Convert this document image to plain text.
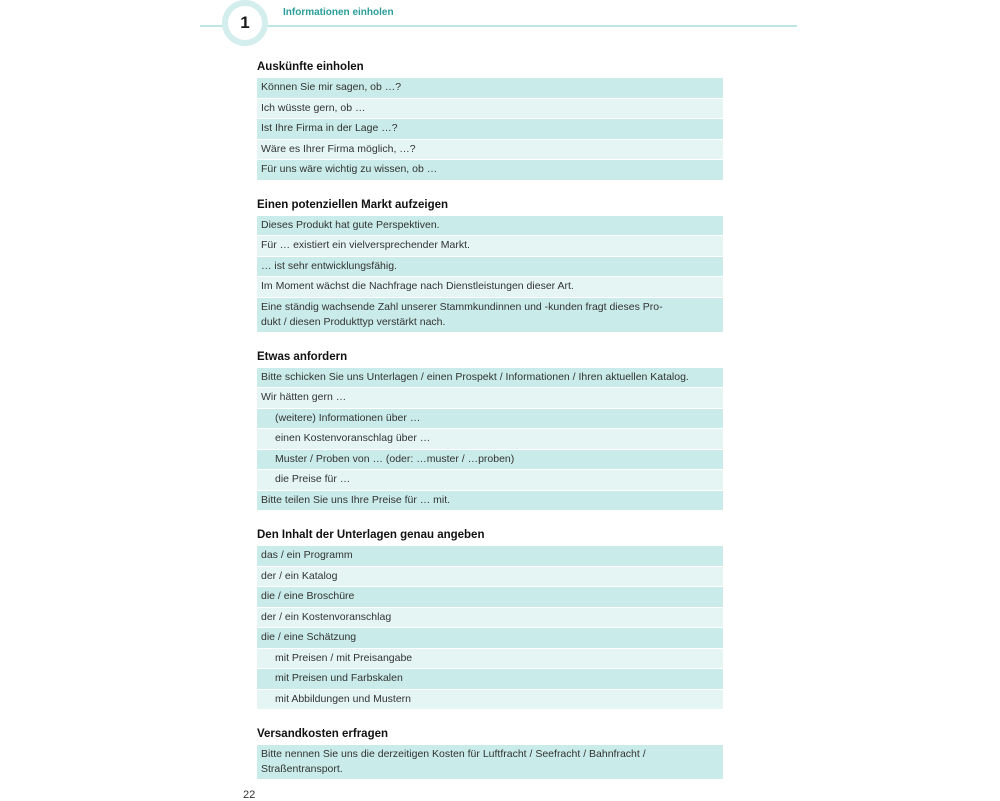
1
Informationen einholen
Auskünfte einholen
Können Sie mir sagen, ob …?
Ich wüsste gern, ob …
Ist Ihre Firma in der Lage …?
Wäre es Ihrer Firma möglich, …?
Für uns wäre wichtig zu wissen, ob …
Einen potenziellen Markt aufzeigen
Dieses Produkt hat gute Perspektiven.
Für … existiert ein vielversprechender Markt.
… ist sehr entwicklungsfähig.
Im Moment wächst die Nachfrage nach Dienstleistungen dieser Art.
Eine ständig wachsende Zahl unserer Stammkundinnen und -kunden fragt dieses Pro-
dukt / diesen Produkttyp verstärkt nach.
Etwas anfordern
Bitte schicken Sie uns Unterlagen / einen Prospekt / Informationen / Ihren aktuellen Katalog.
Wir hätten gern …
(weitere) Informationen über …
einen Kostenvoranschlag über …
Muster / Proben von … (oder: …muster / …proben)
die Preise für …
Bitte teilen Sie uns Ihre Preise für … mit.
Den Inhalt der Unterlagen genau angeben
das / ein Programm
der / ein Katalog
die / eine Broschüre
der / ein Kostenvoranschlag
die / eine Schätzung
mit Preisen / mit Preisangabe
mit Preisen und Farbskalen
mit Abbildungen und Mustern
Versandkosten erfragen
Bitte nennen Sie uns die derzeitigen Kosten für Luftfracht / Seefracht / Bahnfracht /
Straßentransport.
22
